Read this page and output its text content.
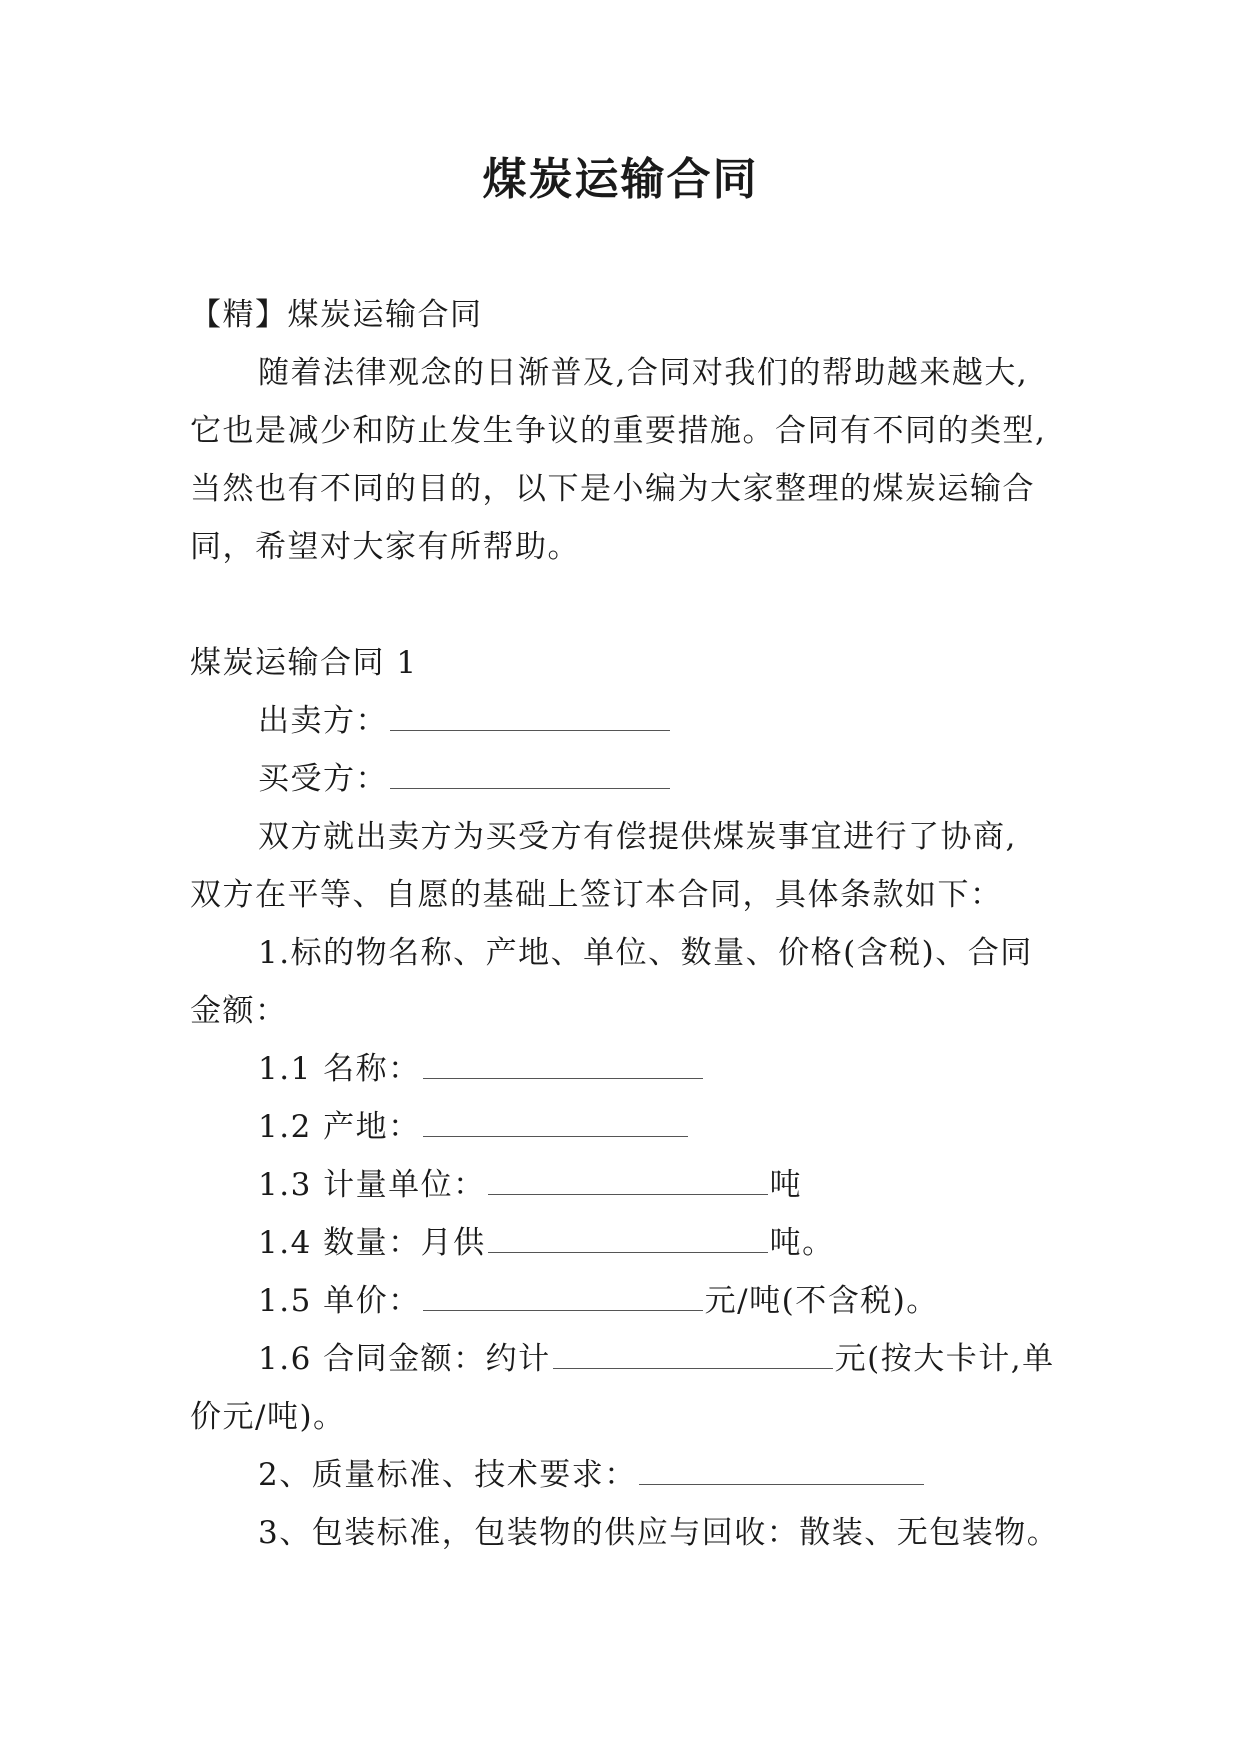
煤炭运输合同
【精】煤炭运输合同
随着法律观念的日渐普及,合同对我们的帮助越来越大,
它也是减少和防止发生争议的重要措施。合同有不同的类型,
当然也有不同的目的，以下是小编为大家整理的煤炭运输合
同，希望对大家有所帮助。
煤炭运输合同 1
出卖方：
买受方：
双方就出卖方为买受方有偿提供煤炭事宜进行了协商,
双方在平等、自愿的基础上签订本合同，具体条款如下：
1.标的物名称、产地、单位、数量、价格(含税)、合同
金额：
1.1 名称：
1.2 产地：
1.3 计量单位：	吨
1.4 数量：月供	吨。
1.5 单价：	元/吨(不含税)。
1.6 合同金额：约计	元(按大卡计,单
价元/吨)。
2、质量标准、技术要求：
3、包装标准，包装物的供应与回收：散装、无包装物。
